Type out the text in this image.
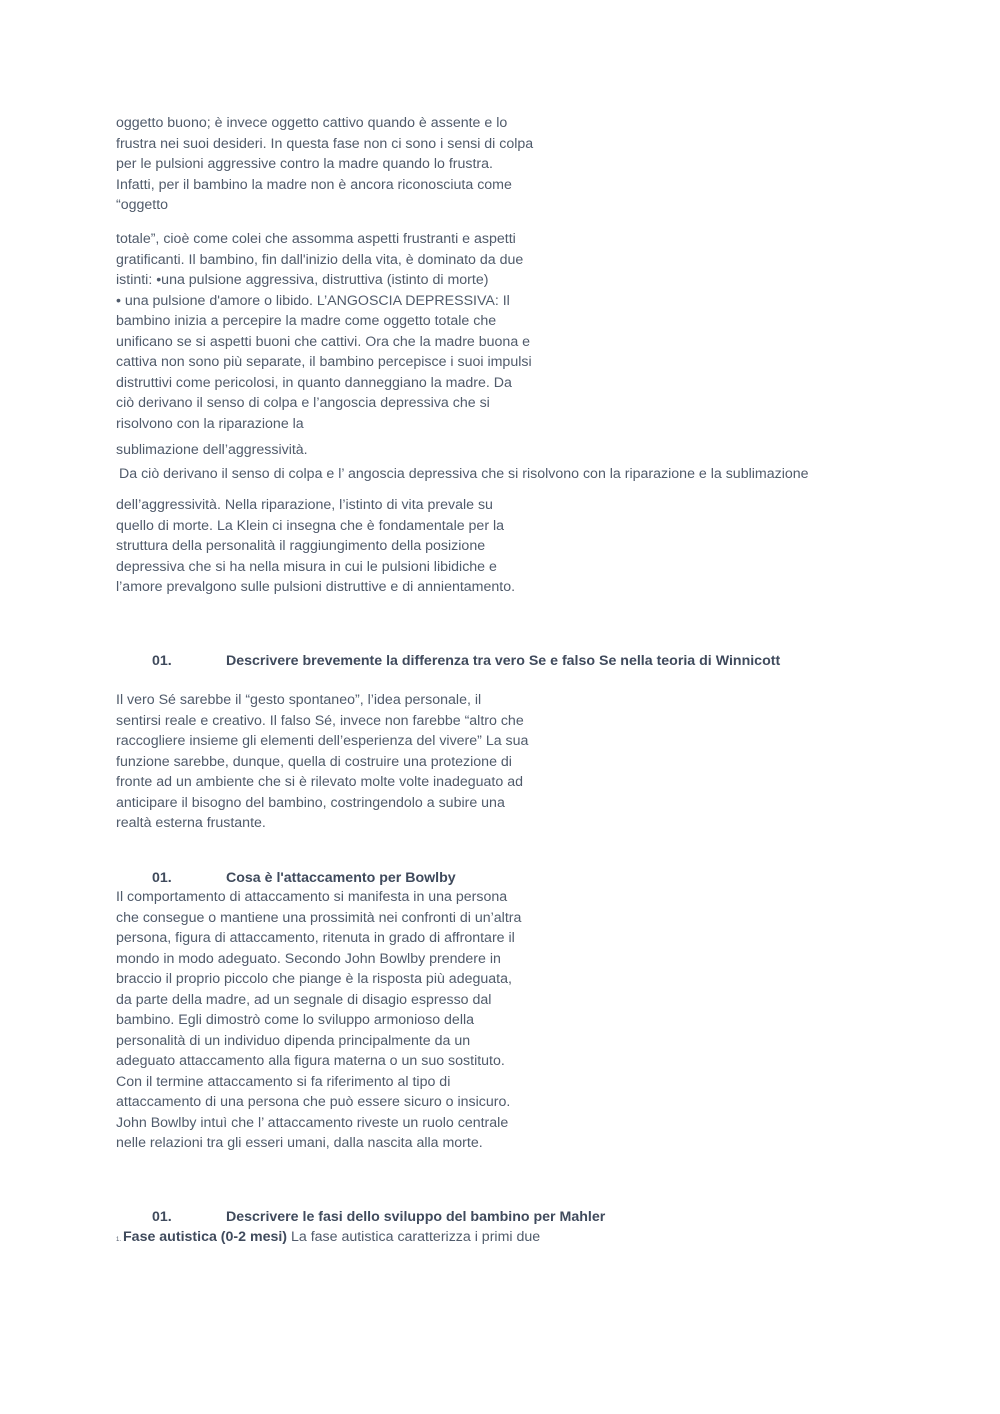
oggetto buono; è invece oggetto cattivo quando è assente e lo
frustra nei suoi desideri. In questa fase non ci sono i sensi di colpa
per le pulsioni aggressive contro la madre quando lo frustra.
Infatti, per il bambino la madre non è ancora riconosciuta come
“oggetto
totale”, cioè come colei che assomma aspetti frustranti e aspetti
gratificanti. Il bambino, fin dall'inizio della vita, è dominato da due
istinti: •una pulsione aggressiva, distruttiva (istinto di morte)
• una pulsione d'amore o libido. L’ANGOSCIA DEPRESSIVA: Il
bambino inizia a percepire la madre come oggetto totale che
unificano se si aspetti buoni che cattivi. Ora che la madre buona e
cattiva non sono più separate, il bambino percepisce i suoi impulsi
distruttivi come pericolosi, in quanto danneggiano la madre. Da
ciò derivano il senso di colpa e l’angoscia depressiva che si
risolvono con la riparazione la
sublimazione dell’aggressività.
Da ciò derivano il senso di colpa e l’ angoscia depressiva che si risolvono con la riparazione e la sublimazione
dell’aggressività. Nella riparazione, l’istinto di vita prevale su
quello di morte. La Klein ci insegna che è fondamentale per la
struttura della personalità il raggiungimento della posizione
depressiva che si ha nella misura in cui le pulsioni libidiche e
l’amore prevalgono sulle pulsioni distruttive e di annientamento.
01.	Descrivere brevemente la differenza tra vero Se e falso Se nella teoria di Winnicott
Il vero Sé sarebbe il “gesto spontaneo”, l’idea personale, il
sentirsi reale e creativo. Il falso Sé, invece non farebbe “altro che
raccogliere insieme gli elementi dell’esperienza del vivere” La sua
funzione sarebbe, dunque, quella di costruire una protezione di
fronte ad un ambiente che si è rilevato molte volte inadeguato ad
anticipare il bisogno del bambino, costringendolo a subire una
realtà esterna frustante.
01.	Cosa è l'attaccamento per Bowlby
Il comportamento di attaccamento si manifesta in una persona
che consegue o mantiene una prossimità nei confronti di un’altra
persona, figura di attaccamento, ritenuta in grado di affrontare il
mondo in modo adeguato. Secondo John Bowlby prendere in
braccio il proprio piccolo che piange è la risposta più adeguata,
da parte della madre, ad un segnale di disagio espresso dal
bambino. Egli dimostrò come lo sviluppo armonioso della
personalità di un individuo dipenda principalmente da un
adeguato attaccamento alla figura materna o un suo sostituto.
Con il termine attaccamento si fa riferimento al tipo di
attaccamento di una persona che può essere sicuro o insicuro.
John Bowlby intuì che l’ attaccamento riveste un ruolo centrale
nelle relazioni tra gli esseri umani, dalla nascita alla morte.
01.	Descrivere le fasi dello sviluppo del bambino per Mahler
1. Fase autistica (0-2 mesi) La fase autistica caratterizza i primi due
